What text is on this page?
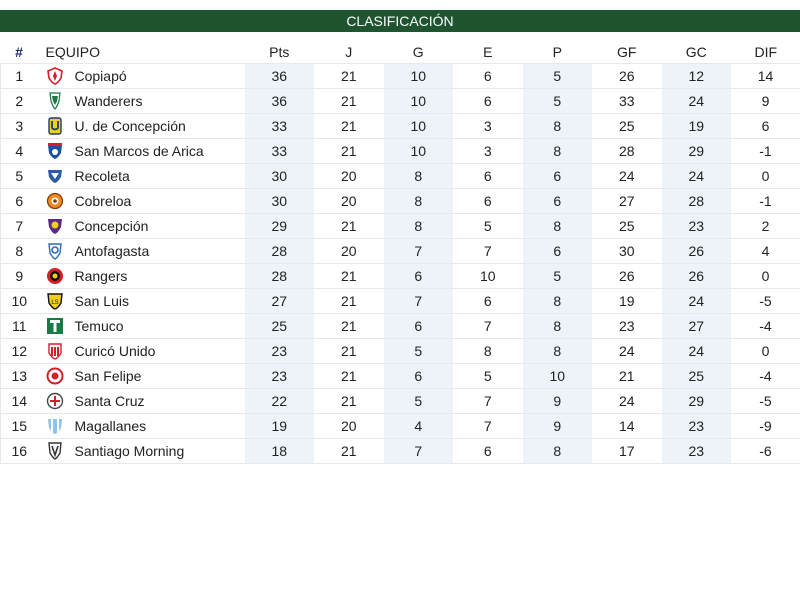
CLASIFICACIÓN
#	EQUIPO	Pts	J	G	E	P	GF	GC	DIF
1	Copiapó	36	21	10	6	5	26	12	14
2	Wanderers	36	21	10	6	5	33	24	9
3	U. de Concepción	33	21	10	3	8	25	19	6
4	San Marcos de Arica	33	21	10	3	8	28	29	-1
5	Recoleta	30	20	8	6	6	24	24	0
6	Cobreloa	30	20	8	6	6	27	28	-1
7	Concepción	29	21	8	5	8	25	23	2
8	Antofagasta	28	20	7	7	6	30	26	4
9	Rangers	28	21	6	10	5	26	26	0
10	LS San Luis	27	21	7	6	8	19	24	-5
11	Temuco	25	21	6	7	8	23	27	-4
12	Curicó Unido	23	21	5	8	8	24	24	0
13	San Felipe	23	21	6	5	10	21	25	-4
14	Santa Cruz	22	21	5	7	9	24	29	-5
15	Magallanes	19	20	4	7	9	14	23	-9
16	Santiago Morning	18	21	7	6	8	17	23	-6
